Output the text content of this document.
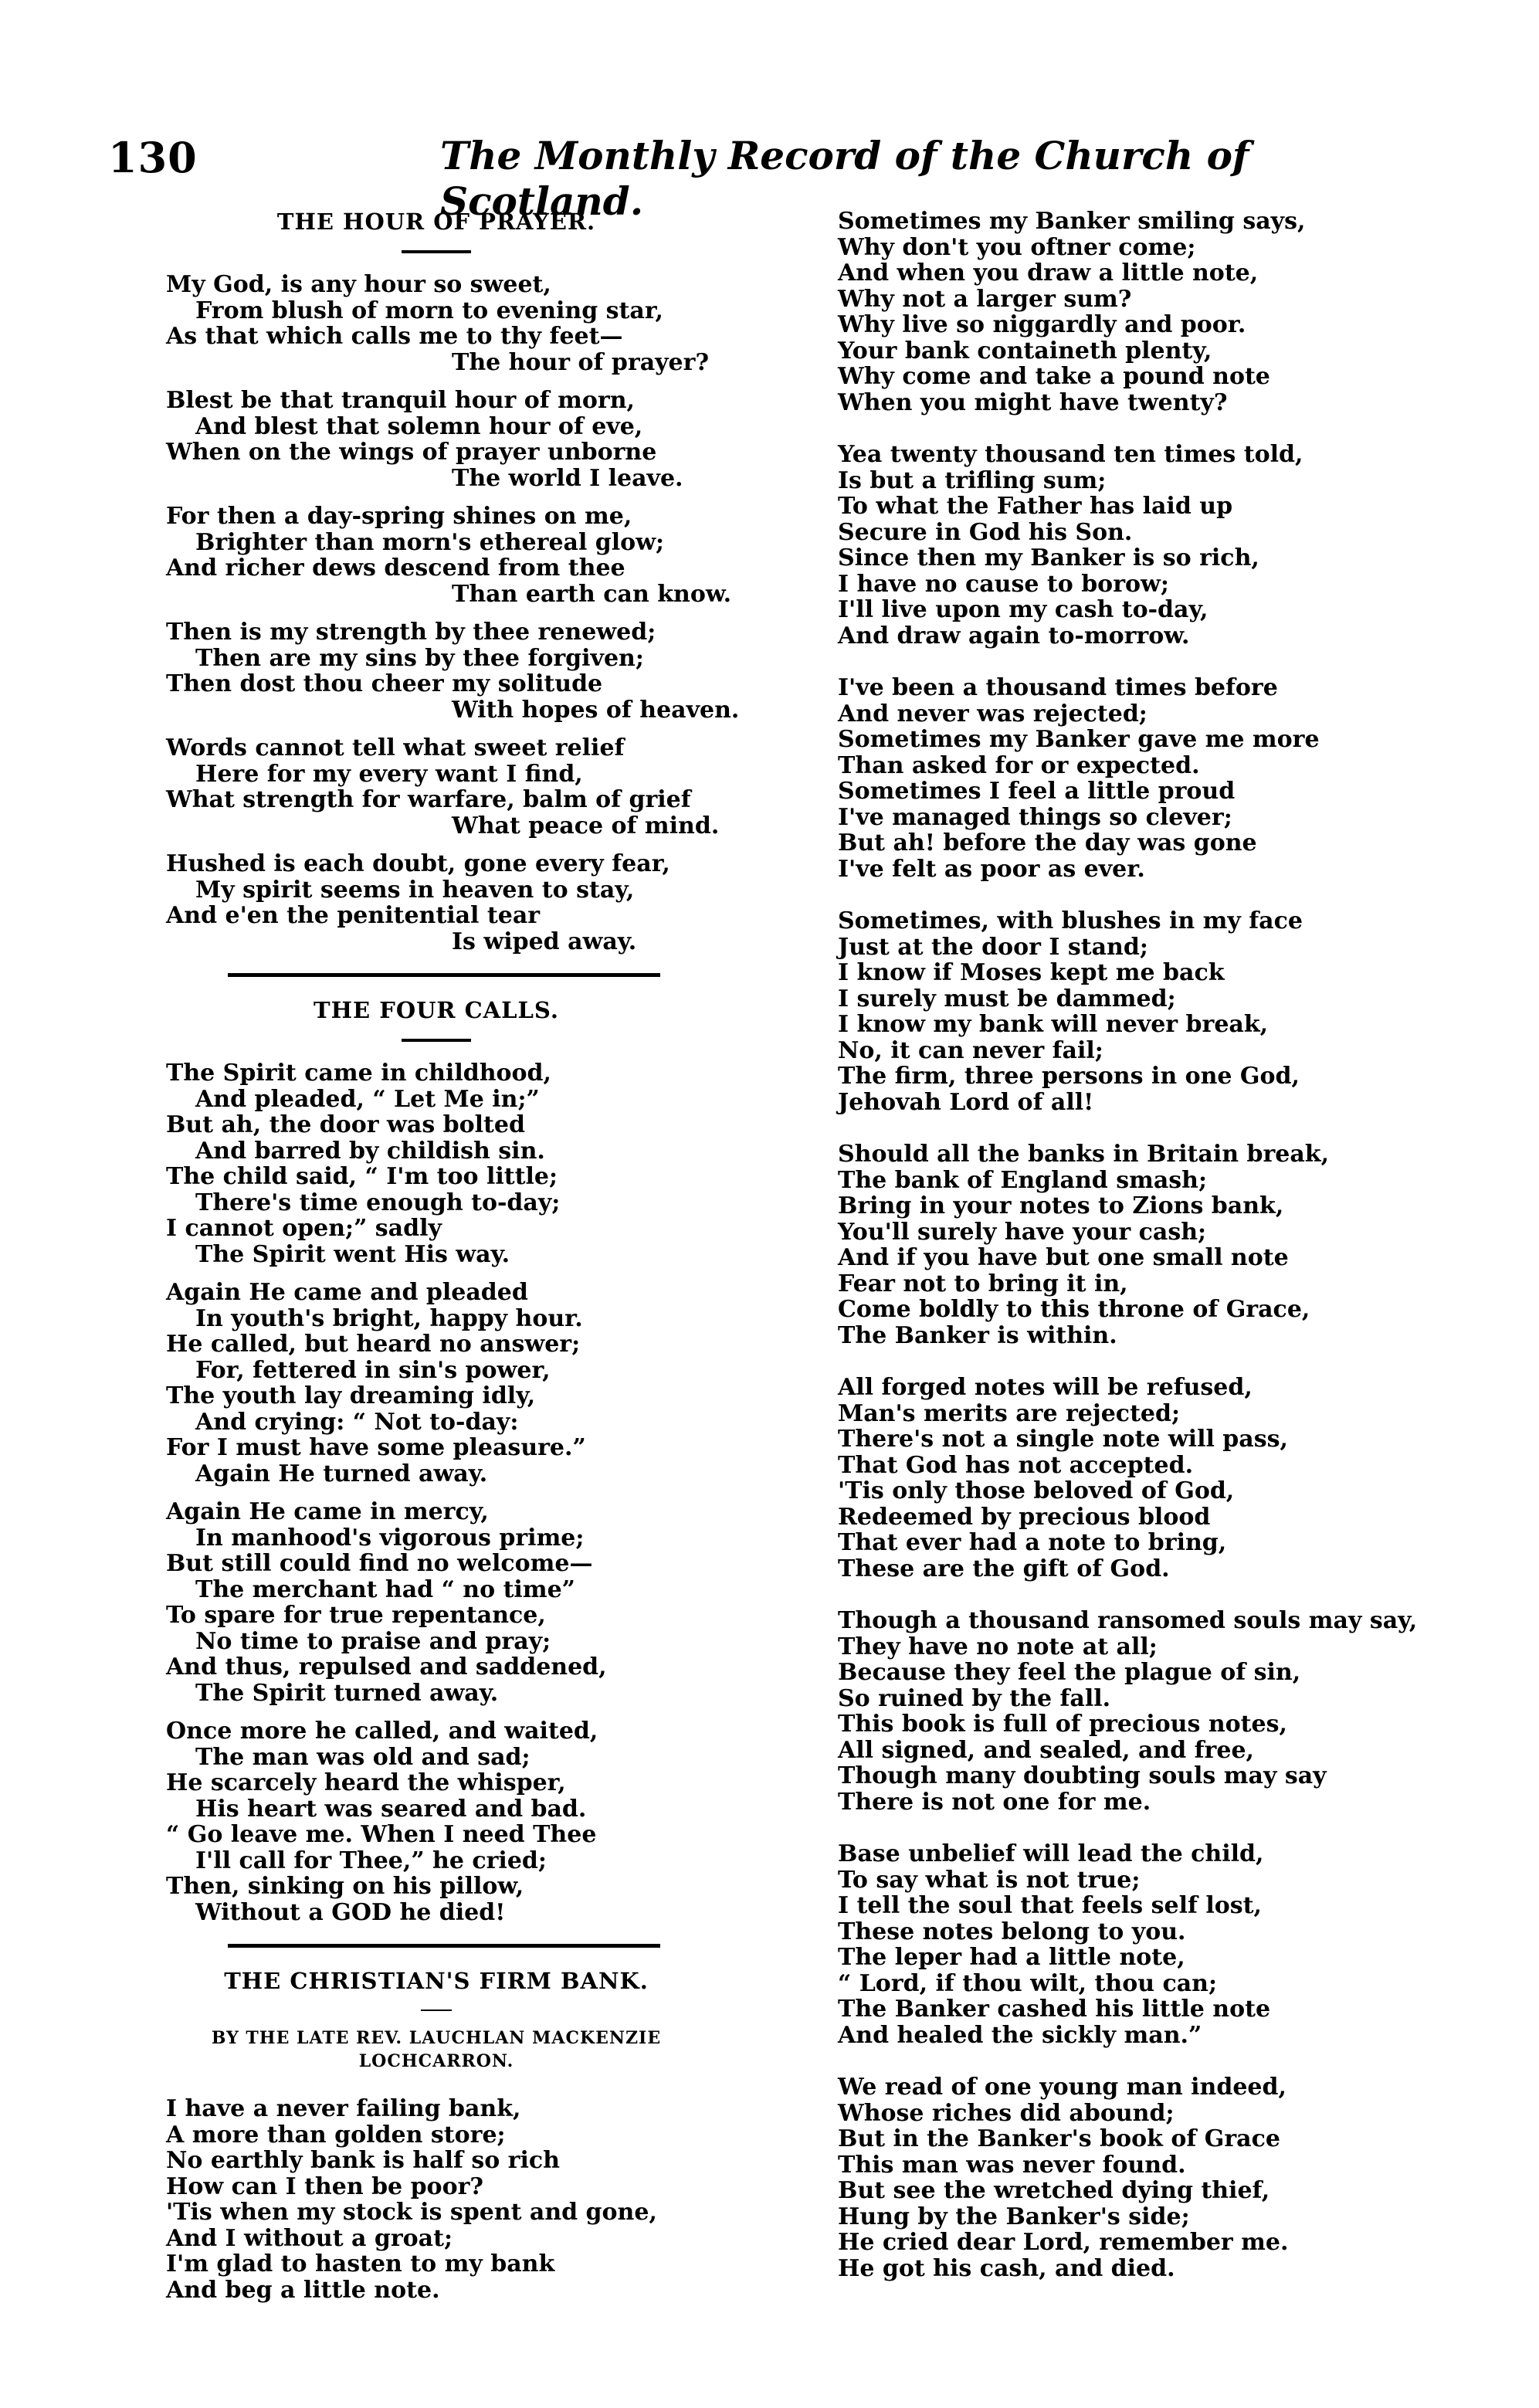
130	The Monthly Record of the Church of Scotland.
THE HOUR OF PRAYER.
My God, is any hour so sweet,
From blush of morn to evening star,
As that which calls me to thy feet—
The hour of prayer?
Blest be that tranquil hour of morn,
And blest that solemn hour of eve,
When on the wings of prayer unborne
The world I leave.
For then a day-spring shines on me,
Brighter than morn's ethereal glow;
And richer dews descend from thee
Than earth can know.
Then is my strength by thee renewed;
Then are my sins by thee forgiven;
Then dost thou cheer my solitude
With hopes of heaven.
Words cannot tell what sweet relief
Here for my every want I find,
What strength for warfare, balm of grief
What peace of mind.
Hushed is each doubt, gone every fear,
My spirit seems in heaven to stay,
And e'en the penitential tear
Is wiped away.
THE FOUR CALLS.
The Spirit came in childhood,
And pleaded, “ Let Me in;”
But ah, the door was bolted
And barred by childish sin.
The child said, “ I'm too little;
There's time enough to-day;
I cannot open;” sadly
The Spirit went His way.
Again He came and pleaded
In youth's bright, happy hour.
He called, but heard no answer;
For, fettered in sin's power,
The youth lay dreaming idly,
And crying: “ Not to-day:
For I must have some pleasure.”
Again He turned away.
Again He came in mercy,
In manhood's vigorous prime;
But still could find no welcome—
The merchant had “ no time”
To spare for true repentance,
No time to praise and pray;
And thus, repulsed and saddened,
The Spirit turned away.
Once more he called, and waited,
The man was old and sad;
He scarcely heard the whisper,
His heart was seared and bad.
“ Go leave me. When I need Thee
I'll call for Thee,” he cried;
Then, sinking on his pillow,
Without a GOD he died!
THE CHRISTIAN'S FIRM BANK.
BY THE LATE REV. LAUCHLAN MACKENZIE
LOCHCARRON.
I have a never failing bank,
A more than golden store;
No earthly bank is half so rich
How can I then be poor?
'Tis when my stock is spent and gone,
And I without a groat;
I'm glad to hasten to my bank
And beg a little note.
Sometimes my Banker smiling says,
Why don't you oftner come;
And when you draw a little note,
Why not a larger sum?
Why live so niggardly and poor.
Your bank containeth plenty,
Why come and take a pound note
When you might have twenty?
Yea twenty thousand ten times told,
Is but a trifling sum;
To what the Father has laid up
Secure in God his Son.
Since then my Banker is so rich,
I have no cause to borow;
I'll live upon my cash to-day,
And draw again to-morrow.
I've been a thousand times before
And never was rejected;
Sometimes my Banker gave me more
Than asked for or expected.
Sometimes I feel a little proud
I've managed things so clever;
But ah! before the day was gone
I've felt as poor as ever.
Sometimes, with blushes in my face
Just at the door I stand;
I know if Moses kept me back
I surely must be dammed;
I know my bank will never break,
No, it can never fail;
The firm, three persons in one God,
Jehovah Lord of all!
Should all the banks in Britain break,
The bank of England smash;
Bring in your notes to Zions bank,
You'll surely have your cash;
And if you have but one small note
Fear not to bring it in,
Come boldly to this throne of Grace,
The Banker is within.
All forged notes will be refused,
Man's merits are rejected;
There's not a single note will pass,
That God has not accepted.
'Tis only those beloved of God,
Redeemed by precious blood
That ever had a note to bring,
These are the gift of God.
Though a thousand ransomed souls may say,
They have no note at all;
Because they feel the plague of sin,
So ruined by the fall.
This book is full of precious notes,
All signed, and sealed, and free,
Though many doubting souls may say
There is not one for me.
Base unbelief will lead the child,
To say what is not true;
I tell the soul that feels self lost,
These notes belong to you.
The leper had a little note,
“ Lord, if thou wilt, thou can;
The Banker cashed his little note
And healed the sickly man.”
We read of one young man indeed,
Whose riches did abound;
But in the Banker's book of Grace
This man was never found.
But see the wretched dying thief,
Hung by the Banker's side;
He cried dear Lord, remember me.
He got his cash, and died.
